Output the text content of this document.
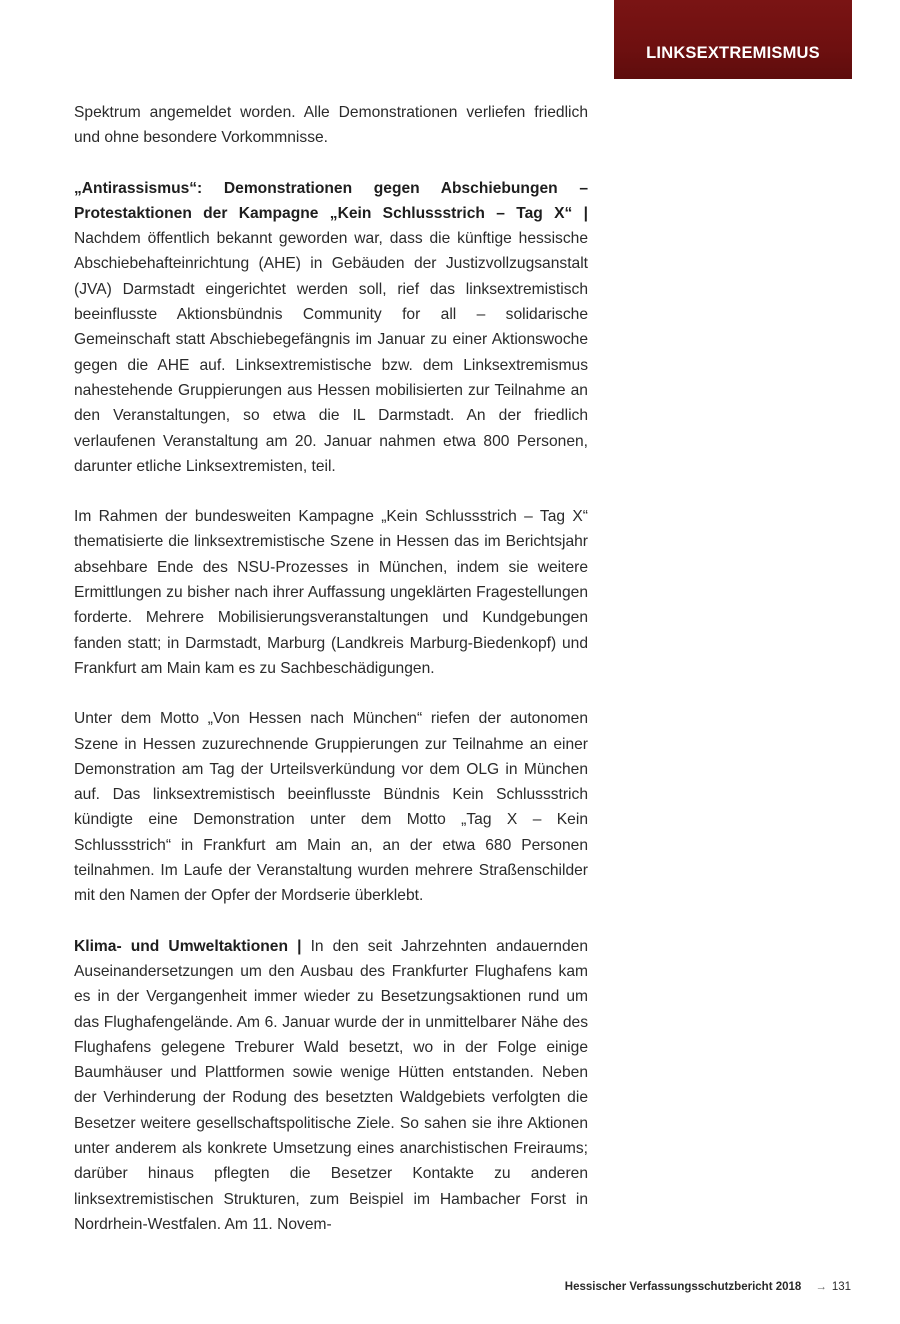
LINKSEXTREMISMUS

Spektrum angemeldet worden. Alle Demonstrationen verliefen friedlich und ohne besondere Vorkommnisse.

„Antirassismus“: Demonstrationen gegen Abschiebungen – Protestaktionen der Kampagne „Kein Schlussstrich – Tag X“ | Nachdem öffentlich bekannt geworden war, dass die künftige hessische Abschiebehafteinrichtung (AHE) in Gebäuden der Justizvollzugsanstalt (JVA) Darmstadt eingerichtet werden soll, rief das linksextremistisch beeinflusste Aktionsbündnis Community for all – solidarische Gemeinschaft statt Abschiebegefängnis im Januar zu einer Aktionswoche gegen die AHE auf. Linksextremistische bzw. dem Linksextremismus nahestehende Gruppierungen aus Hessen mobilisierten zur Teilnahme an den Veranstaltungen, so etwa die IL Darmstadt. An der friedlich verlaufenen Veranstaltung am 20. Januar nahmen etwa 800 Personen, darunter etliche Linksextremisten, teil.

Im Rahmen der bundesweiten Kampagne „Kein Schlussstrich – Tag X“ thematisierte die linksextremistische Szene in Hessen das im Berichtsjahr absehbare Ende des NSU-Prozesses in München, indem sie weitere Ermittlungen zu bisher nach ihrer Auffassung ungeklärten Fragestellungen forderte. Mehrere Mobilisierungsveranstaltungen und Kundgebungen fanden statt; in Darmstadt, Marburg (Landkreis Marburg-Biedenkopf) und Frankfurt am Main kam es zu Sachbeschädigungen.

Unter dem Motto „Von Hessen nach München“ riefen der autonomen Szene in Hessen zuzurechnende Gruppierungen zur Teilnahme an einer Demonstration am Tag der Urteilsverkündung vor dem OLG in München auf. Das linksextremistisch beeinflusste Bündnis Kein Schlussstrich kündigte eine Demonstration unter dem Motto „Tag X – Kein Schlussstrich“ in Frankfurt am Main an, an der etwa 680 Personen teilnahmen. Im Laufe der Veranstaltung wurden mehrere Straßenschilder mit den Namen der Opfer der Mordserie überklebt.

Klima- und Umweltaktionen | In den seit Jahrzehnten andauernden Auseinandersetzungen um den Ausbau des Frankfurter Flughafens kam es in der Vergangenheit immer wieder zu Besetzungsaktionen rund um das Flughafengelände. Am 6. Januar wurde der in unmittelbarer Nähe des Flughafens gelegene Treburer Wald besetzt, wo in der Folge einige Baumhäuser und Plattformen sowie wenige Hütten entstanden. Neben der Verhinderung der Rodung des besetzten Waldgebiets verfolgten die Besetzer weitere gesellschaftspolitische Ziele. So sahen sie ihre Aktionen unter anderem als konkrete Umsetzung eines anarchistischen Freiraums; darüber hinaus pflegten die Besetzer Kontakte zu anderen linksextremistischen Strukturen, zum Beispiel im Hambacher Forst in Nordrhein-Westfalen. Am 11. Novem-

Hessischer Verfassungsschutzbericht 2018 → 131
